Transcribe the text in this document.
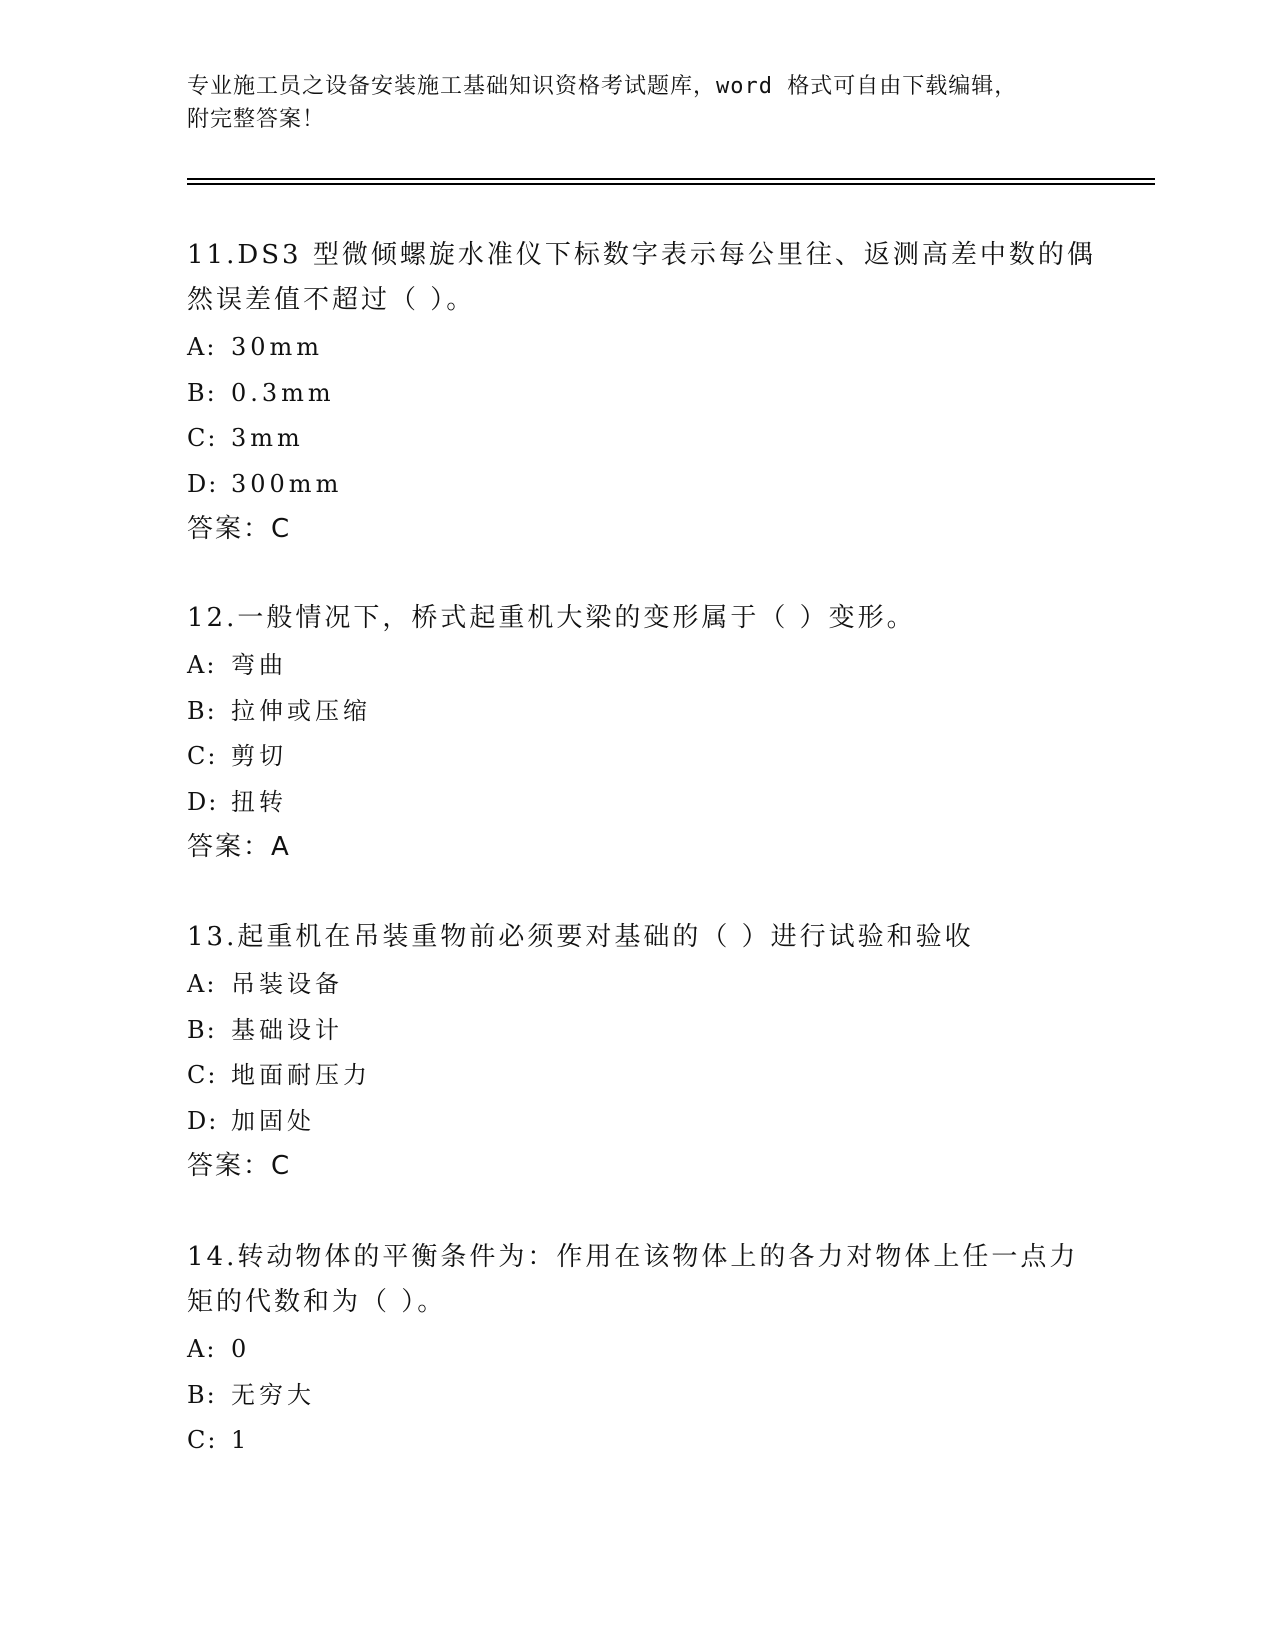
专业施工员之设备安装施工基础知识资格考试题库，word 格式可自由下载编辑，
附完整答案！
11.DS3 型微倾螺旋水准仪下标数字表示每公里往、返测高差中数的偶
然误差值不超过（ ）。
A: 30mm
B: 0.3mm
C: 3mm
D: 300mm
答案：C
12.一般情况下，桥式起重机大梁的变形属于（ ）变形。
A: 弯曲
B: 拉伸或压缩
C: 剪切
D: 扭转
答案：A
13.起重机在吊装重物前必须要对基础的（ ）进行试验和验收
A: 吊装设备
B: 基础设计
C: 地面耐压力
D: 加固处
答案：C
14.转动物体的平衡条件为：作用在该物体上的各力对物体上任一点力
矩的代数和为（ ）。
A: 0
B: 无穷大
C: 1
